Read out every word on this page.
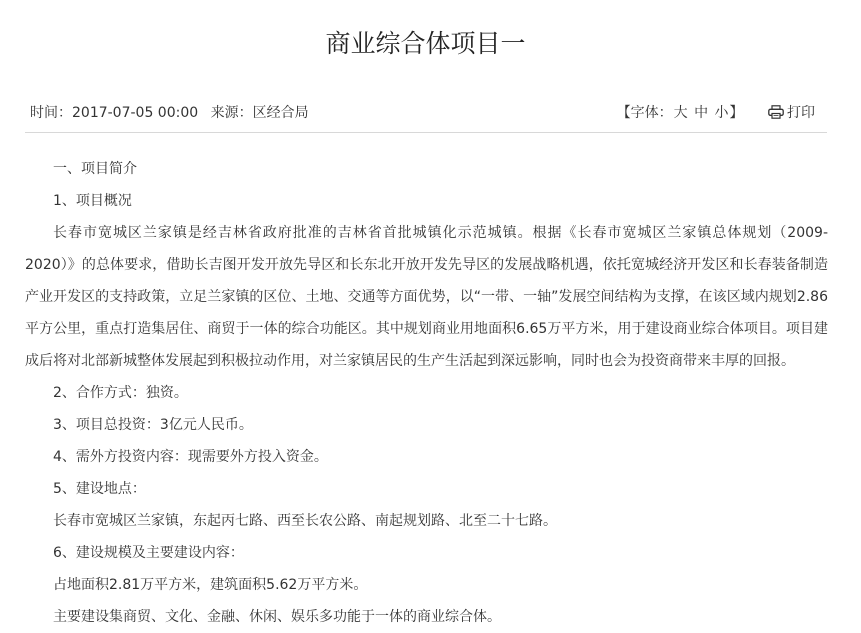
商业综合体项目一
时间：2017-07-05 00:00 来源：区经合局	【字体：大 中 小】	打印

一、项目简介

1、项目概况

长春市宽城区兰家镇是经吉林省政府批准的吉林省首批城镇化示范城镇。根据《长春市宽城区兰家镇总体规划（2009-2020）》的总体要求，借助长吉图开发开放先导区和长东北开放开发先导区的发展战略机遇，依托宽城经济开发区和长春装备制造产业开发区的支持政策，立足兰家镇的区位、土地、交通等方面优势，以“一带、一轴”发展空间结构为支撑，在该区域内规划2.86平方公里，重点打造集居住、商贸于一体的综合功能区。其中规划商业用地面积6.65万平方米，用于建设商业综合体项目。项目建成后将对北部新城整体发展起到积极拉动作用，对兰家镇居民的生产生活起到深远影响，同时也会为投资商带来丰厚的回报。

2、合作方式：独资。

3、项目总投资：3亿元人民币。

4、需外方投资内容：现需要外方投入资金。

5、建设地点：

长春市宽城区兰家镇，东起丙七路、西至长农公路、南起规划路、北至二十七路。

6、建设规模及主要建设内容：

占地面积2.81万平方米，建筑面积5.62万平方米。

主要建设集商贸、文化、金融、休闲、娱乐多功能于一体的商业综合体。
